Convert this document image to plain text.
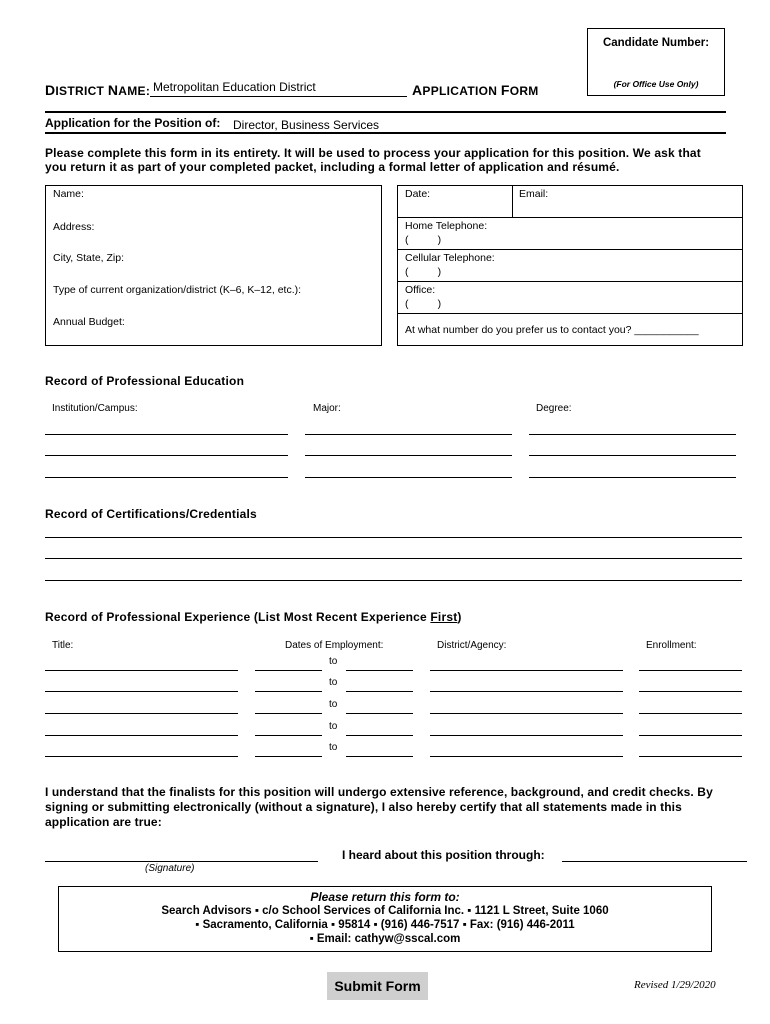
Candidate Number:
(For Office Use Only)
DISTRICT NAME: Metropolitan Education District	APPLICATION FORM
Application for the Position of: Director, Business Services
Please complete this form in its entirety. It will be used to process your application for this position. We ask that you return it as part of your completed packet, including a formal letter of application and résumé.
Name:
Address:
City, State, Zip:
Type of current organization/district (K–6, K–12, etc.):
Annual Budget:
Date:	Email:
Home Telephone:
(          )
Cellular Telephone:
(          )
Office:
(          )
At what number do you prefer us to contact you? ___________
Record of Professional Education
Institution/Campus:	Major:	Degree:
Record of Certifications/Credentials
Record of Professional Experience (List Most Recent Experience First)
Title:	Dates of Employment:	District/Agency:	Enrollment:
to
to
to
to
to
I understand that the finalists for this position will undergo extensive reference, background, and credit checks. By signing or submitting electronically (without a signature), I also hereby certify that all statements made in this application are true:
(Signature)
I heard about this position through:
Please return this form to:
Search Advisors ▪ c/o School Services of California Inc. ▪ 1121 L Street, Suite 1060
▪ Sacramento, California ▪ 95814 ▪ (916) 446-7517 ▪ Fax: (916) 446-2011
▪ Email: cathyw@sscal.com
Submit Form	Revised 1/29/2020
